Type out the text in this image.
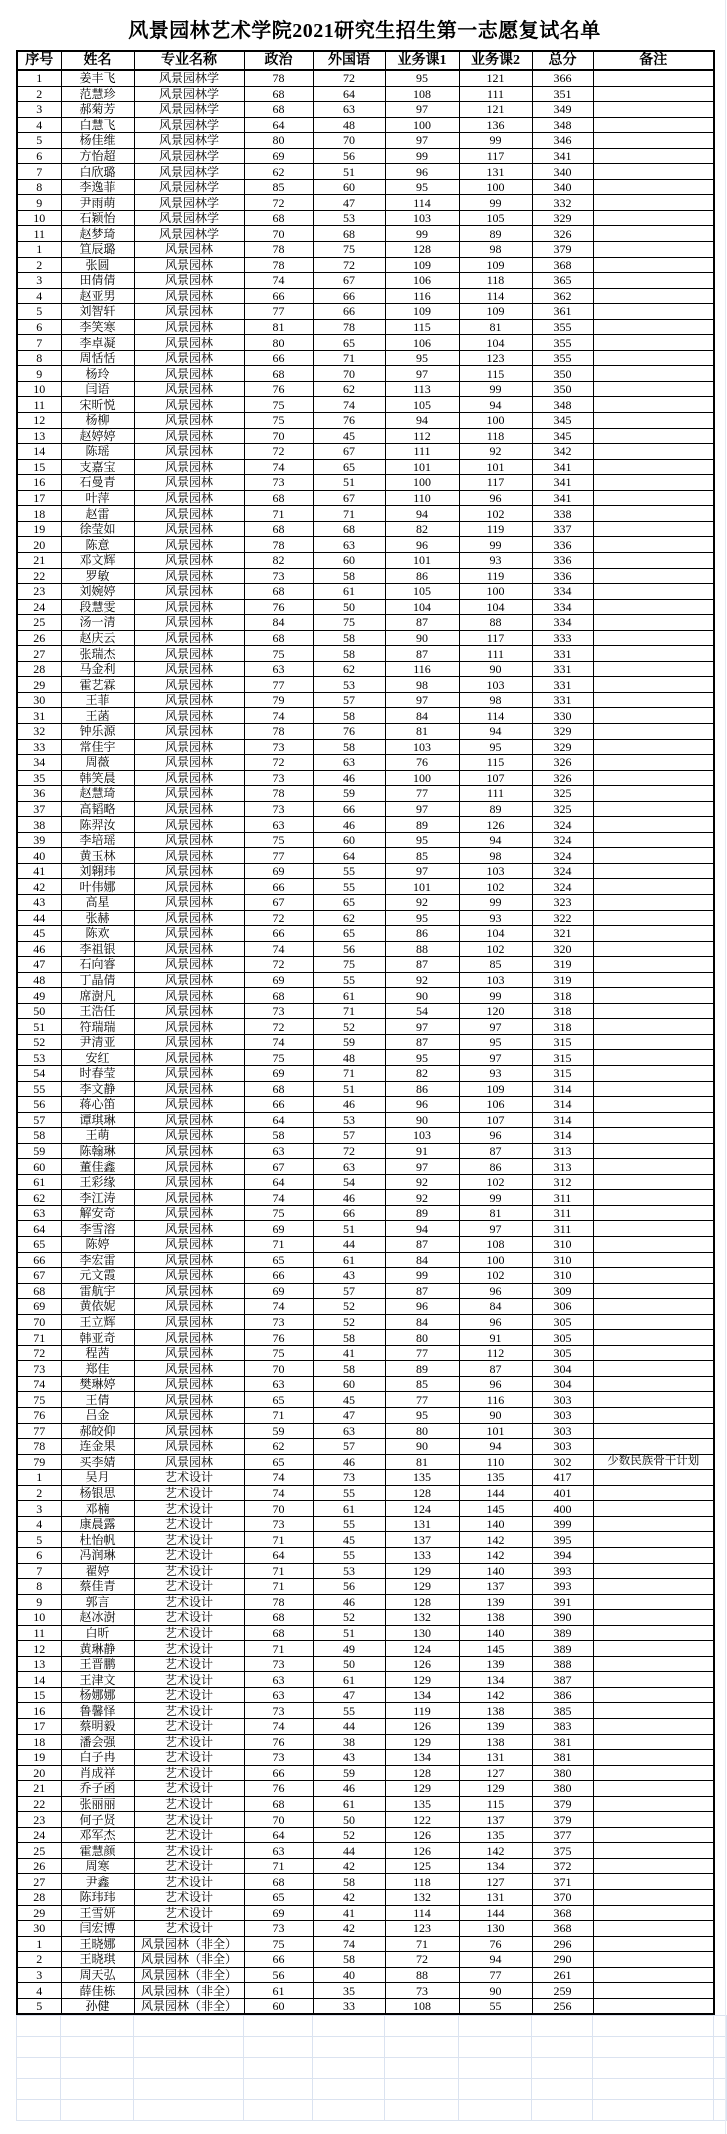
风景园林艺术学院2021研究生招生第一志愿复试名单
序号	姓名	专业名称	政治	外国语	业务课1	业务课2	总分	备注
1	姜丰飞	风景园林学	78	72	95	121	366	
2	范慧珍	风景园林学	68	64	108	111	351	
3	郝菊芳	风景园林学	68	63	97	121	349	
4	白慧飞	风景园林学	64	48	100	136	348	
5	杨佳维	风景园林学	80	70	97	99	346	
6	方怡超	风景园林学	69	56	99	117	341	
7	白欣璐	风景园林学	62	51	96	131	340	
8	李逸菲	风景园林学	85	60	95	100	340	
9	尹雨萌	风景园林学	72	47	114	99	332	
10	石颖怡	风景园林学	68	53	103	105	329	
11	赵梦琦	风景园林学	70	68	99	89	326	
1	笪辰璐	风景园林	78	75	128	98	379	
2	张圆	风景园林	78	72	109	109	368	
3	田倩倩	风景园林	74	67	106	118	365	
4	赵亚男	风景园林	66	66	116	114	362	
5	刘智轩	风景园林	77	66	109	109	361	
6	李笑寒	风景园林	81	78	115	81	355	
7	李卓凝	风景园林	80	65	106	104	355	
8	周恬恬	风景园林	66	71	95	123	355	
9	杨玲	风景园林	68	70	97	115	350	
10	闫语	风景园林	76	62	113	99	350	
11	宋昕悦	风景园林	75	74	105	94	348	
12	杨柳	风景园林	75	76	94	100	345	
13	赵婷婷	风景园林	70	45	112	118	345	
14	陈瑶	风景园林	72	67	111	92	342	
15	支嘉宝	风景园林	74	65	101	101	341	
16	石曼青	风景园林	73	51	100	117	341	
17	叶萍	风景园林	68	67	110	96	341	
18	赵雷	风景园林	71	71	94	102	338	
19	徐莹如	风景园林	68	68	82	119	337	
20	陈意	风景园林	78	63	96	99	336	
21	邓文辉	风景园林	82	60	101	93	336	
22	罗敏	风景园林	73	58	86	119	336	
23	刘婉婷	风景园林	68	61	105	100	334	
24	段慧雯	风景园林	76	50	104	104	334	
25	汤一清	风景园林	84	75	87	88	334	
26	赵庆云	风景园林	68	58	90	117	333	
27	张瑞杰	风景园林	75	58	87	111	331	
28	马金利	风景园林	63	62	116	90	331	
29	霍艺霖	风景园林	77	53	98	103	331	
30	王菲	风景园林	79	57	97	98	331	
31	王菡	风景园林	74	58	84	114	330	
32	钟乐源	风景园林	78	76	81	94	329	
33	常佳宇	风景园林	73	58	103	95	329	
34	周薇	风景园林	72	63	76	115	326	
35	韩笑晨	风景园林	73	46	100	107	326	
36	赵慧琦	风景园林	78	59	77	111	325	
37	高韬略	风景园林	73	66	97	89	325	
38	陈羿汝	风景园林	63	46	89	126	324	
39	李培瑶	风景园林	75	60	95	94	324	
40	黄玉林	风景园林	77	64	85	98	324	
41	刘翱玮	风景园林	69	55	97	103	324	
42	叶伟娜	风景园林	66	55	101	102	324	
43	高星	风景园林	67	65	92	99	323	
44	张赫	风景园林	72	62	95	93	322	
45	陈欢	风景园林	66	65	86	104	321	
46	李祖银	风景园林	74	56	88	102	320	
47	石向睿	风景园林	72	75	87	85	319	
48	丁晶倩	风景园林	69	55	92	103	319	
49	席澍凡	风景园林	68	61	90	99	318	
50	王浩任	风景园林	73	71	54	120	318	
51	符瑞瑞	风景园林	72	52	97	97	318	
52	尹清亚	风景园林	74	59	87	95	315	
53	安红	风景园林	75	48	95	97	315	
54	时春莹	风景园林	69	71	82	93	315	
55	李文静	风景园林	68	51	86	109	314	
56	蒋心笛	风景园林	66	46	96	106	314	
57	谭琪琳	风景园林	64	53	90	107	314	
58	王萌	风景园林	58	57	103	96	314	
59	陈翰琳	风景园林	63	72	91	87	313	
60	董佳鑫	风景园林	67	63	97	86	313	
61	王彩缘	风景园林	64	54	92	102	312	
62	李江涛	风景园林	74	46	92	99	311	
63	解安奇	风景园林	75	66	89	81	311	
64	李雪溶	风景园林	69	51	94	97	311	
65	陈婷	风景园林	71	44	87	108	310	
66	李宏雷	风景园林	65	61	84	100	310	
67	元文霞	风景园林	66	43	99	102	310	
68	雷航宇	风景园林	69	57	87	96	309	
69	黄依妮	风景园林	74	52	96	84	306	
70	王立辉	风景园林	73	52	84	96	305	
71	韩亚奇	风景园林	76	58	80	91	305	
72	程茜	风景园林	75	41	77	112	305	
73	郑佳	风景园林	70	58	89	87	304	
74	樊琳婷	风景园林	63	60	85	96	304	
75	王倩	风景园林	65	45	77	116	303	
76	吕金	风景园林	71	47	95	90	303	
77	郝皎仰	风景园林	59	63	80	101	303	
78	连金果	风景园林	62	57	90	94	303	
79	买李婧	风景园林	65	46	81	110	302	少数民族骨干计划
1	吴月	艺术设计	74	73	135	135	417	
2	杨银思	艺术设计	74	55	128	144	401	
3	邓楠	艺术设计	70	61	124	145	400	
4	康晨露	艺术设计	73	55	131	140	399	
5	杜怡帆	艺术设计	71	45	137	142	395	
6	冯润琳	艺术设计	64	55	133	142	394	
7	翟婷	艺术设计	71	53	129	140	393	
8	蔡佳青	艺术设计	71	56	129	137	393	
9	郭言	艺术设计	78	46	128	139	391	
10	赵冰澍	艺术设计	68	52	132	138	390	
11	白昕	艺术设计	68	51	130	140	389	
12	黄琳静	艺术设计	71	49	124	145	389	
13	王晋鹏	艺术设计	73	50	126	139	388	
14	王津文	艺术设计	63	61	129	134	387	
15	杨娜娜	艺术设计	63	47	134	142	386	
16	鲁馨怿	艺术设计	73	55	119	138	385	
17	蔡明毅	艺术设计	74	44	126	139	383	
18	潘会强	艺术设计	76	38	129	138	381	
19	白子冉	艺术设计	73	43	134	131	381	
20	肖成祥	艺术设计	66	59	128	127	380	
21	乔子函	艺术设计	76	46	129	129	380	
22	张丽丽	艺术设计	68	61	135	115	379	
23	何子贤	艺术设计	70	50	122	137	379	
24	邓军杰	艺术设计	64	52	126	135	377	
25	霍慧颜	艺术设计	63	44	126	142	375	
26	周寒	艺术设计	71	42	125	134	372	
27	尹鑫	艺术设计	68	58	118	127	371	
28	陈玮玮	艺术设计	65	42	132	131	370	
29	王雪妍	艺术设计	69	41	114	144	368	
30	闫宏博	艺术设计	73	42	123	130	368	
1	王晓娜	风景园林（非全）	75	74	71	76	296	
2	王晓琪	风景园林（非全）	66	58	72	94	290	
3	周天弘	风景园林（非全）	56	40	88	77	261	
4	薛佳栋	风景园林（非全）	61	35	73	90	259	
5	孙健	风景园林（非全）	60	33	108	55	256	
